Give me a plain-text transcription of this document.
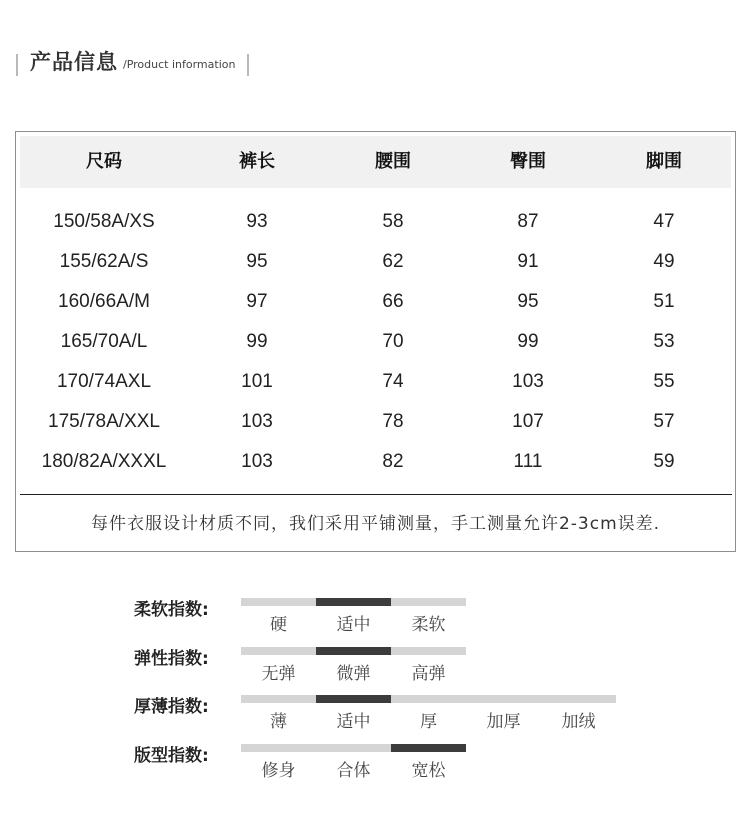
产品信息 /Product information
尺码	裤长	腰围	臀围	脚围
150/58A/XS	93	58	87	47
155/62A/S	95	62	91	49
160/66A/M	97	66	95	51
165/70A/L	99	70	99	53
170/74AXL	101	74	103	55
175/78A/XXL	103	78	107	57
180/82A/XXXL	103	82	111	59
每件衣服设计材质不同，我们采用平铺测量，手工测量允许2-3cm误差.
柔软指数:
硬	适中	柔软
弹性指数:
无弹	微弹	高弹
厚薄指数:
薄	适中	厚	加厚	加绒
版型指数:
修身	合体	宽松
